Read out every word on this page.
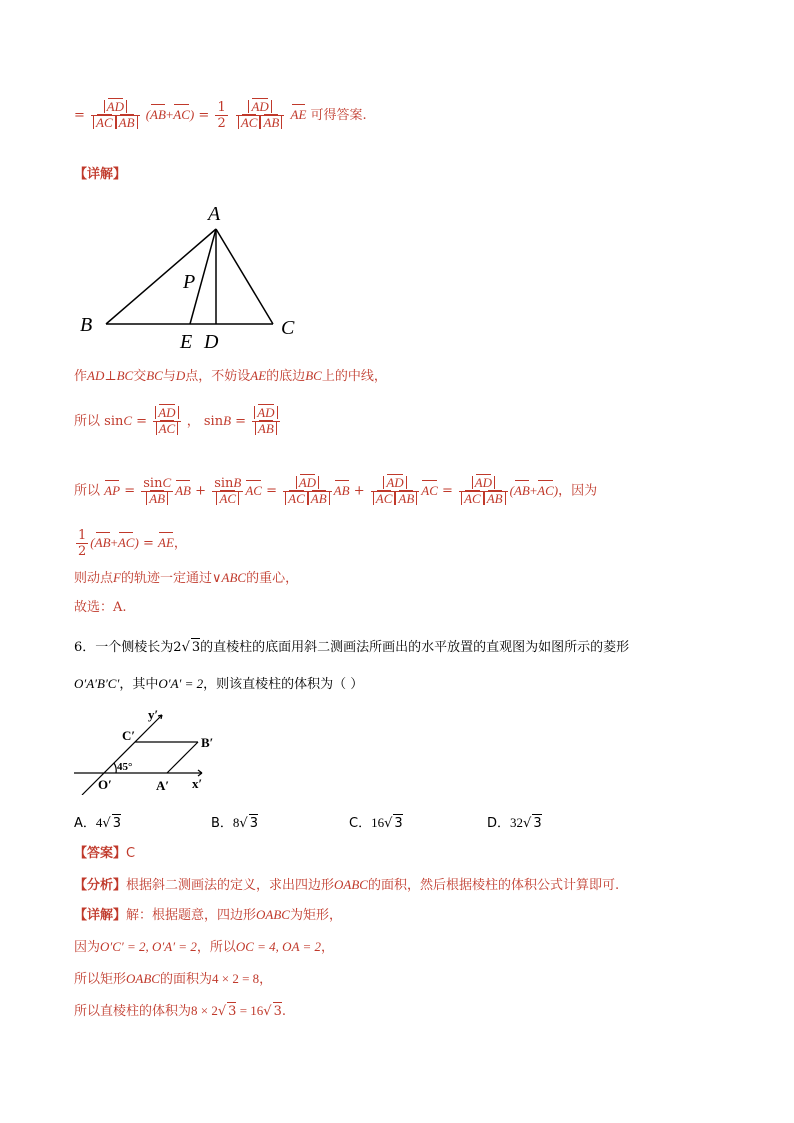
= $\frac{AD}{\text{AC AB}} (AB+AC) = \frac{1}{2}$
$\frac{AD}{\text{AC AB}}$ AE 可得答案.
【详解】
A
B	C
P
E D
作AD⊥BC交BC与D点，不妨设AE的底边BC上的中线，
所以 $\sin C = \frac{AD}{AC}$ ， $\sin B = \frac{AD}{AB}$
所以 AP = $\frac{\sin C}{AB}$ AB + $\frac{\sin B}{AC}$ AC = $\frac{AD}{\text{AC AB}}$ AB + $\frac{AD}{\text{AC AB}}$ AC = $\frac{AD}{\text{AC AB}} (AB+AC)$，因为
$\frac{1}{2} (AB+AC)$ = AE，
则动点F的轨迹一定通过∨ABC的重心，
故选：A.
6．一个侧棱长为2√ 3的直棱柱的底面用斜二测画法所画出的水平放置的直观图为如图所示的菱形
O′A′B′C′，其中O′A′ = 2，则该直棱柱的体积为（ ）
y′
C′	B′
O′	A′ x′
45°
A．4√ 3	B．8√ 3	C．16√ 3	D．32√ 3
【答案】C
【分析】根据斜二测画法的定义，求出四边形OABC的面积，然后根据棱柱的体积公式计算即可.
【详解】解：根据题意，四边形OABC为矩形，
因为O′C′ = 2, O′A′ = 2，所以OC = 4, OA = 2，
所以矩形OABC的面积为4 × 2 = 8，
所以直棱柱的体积为8 × 2√ 3 = 16√ 3.
